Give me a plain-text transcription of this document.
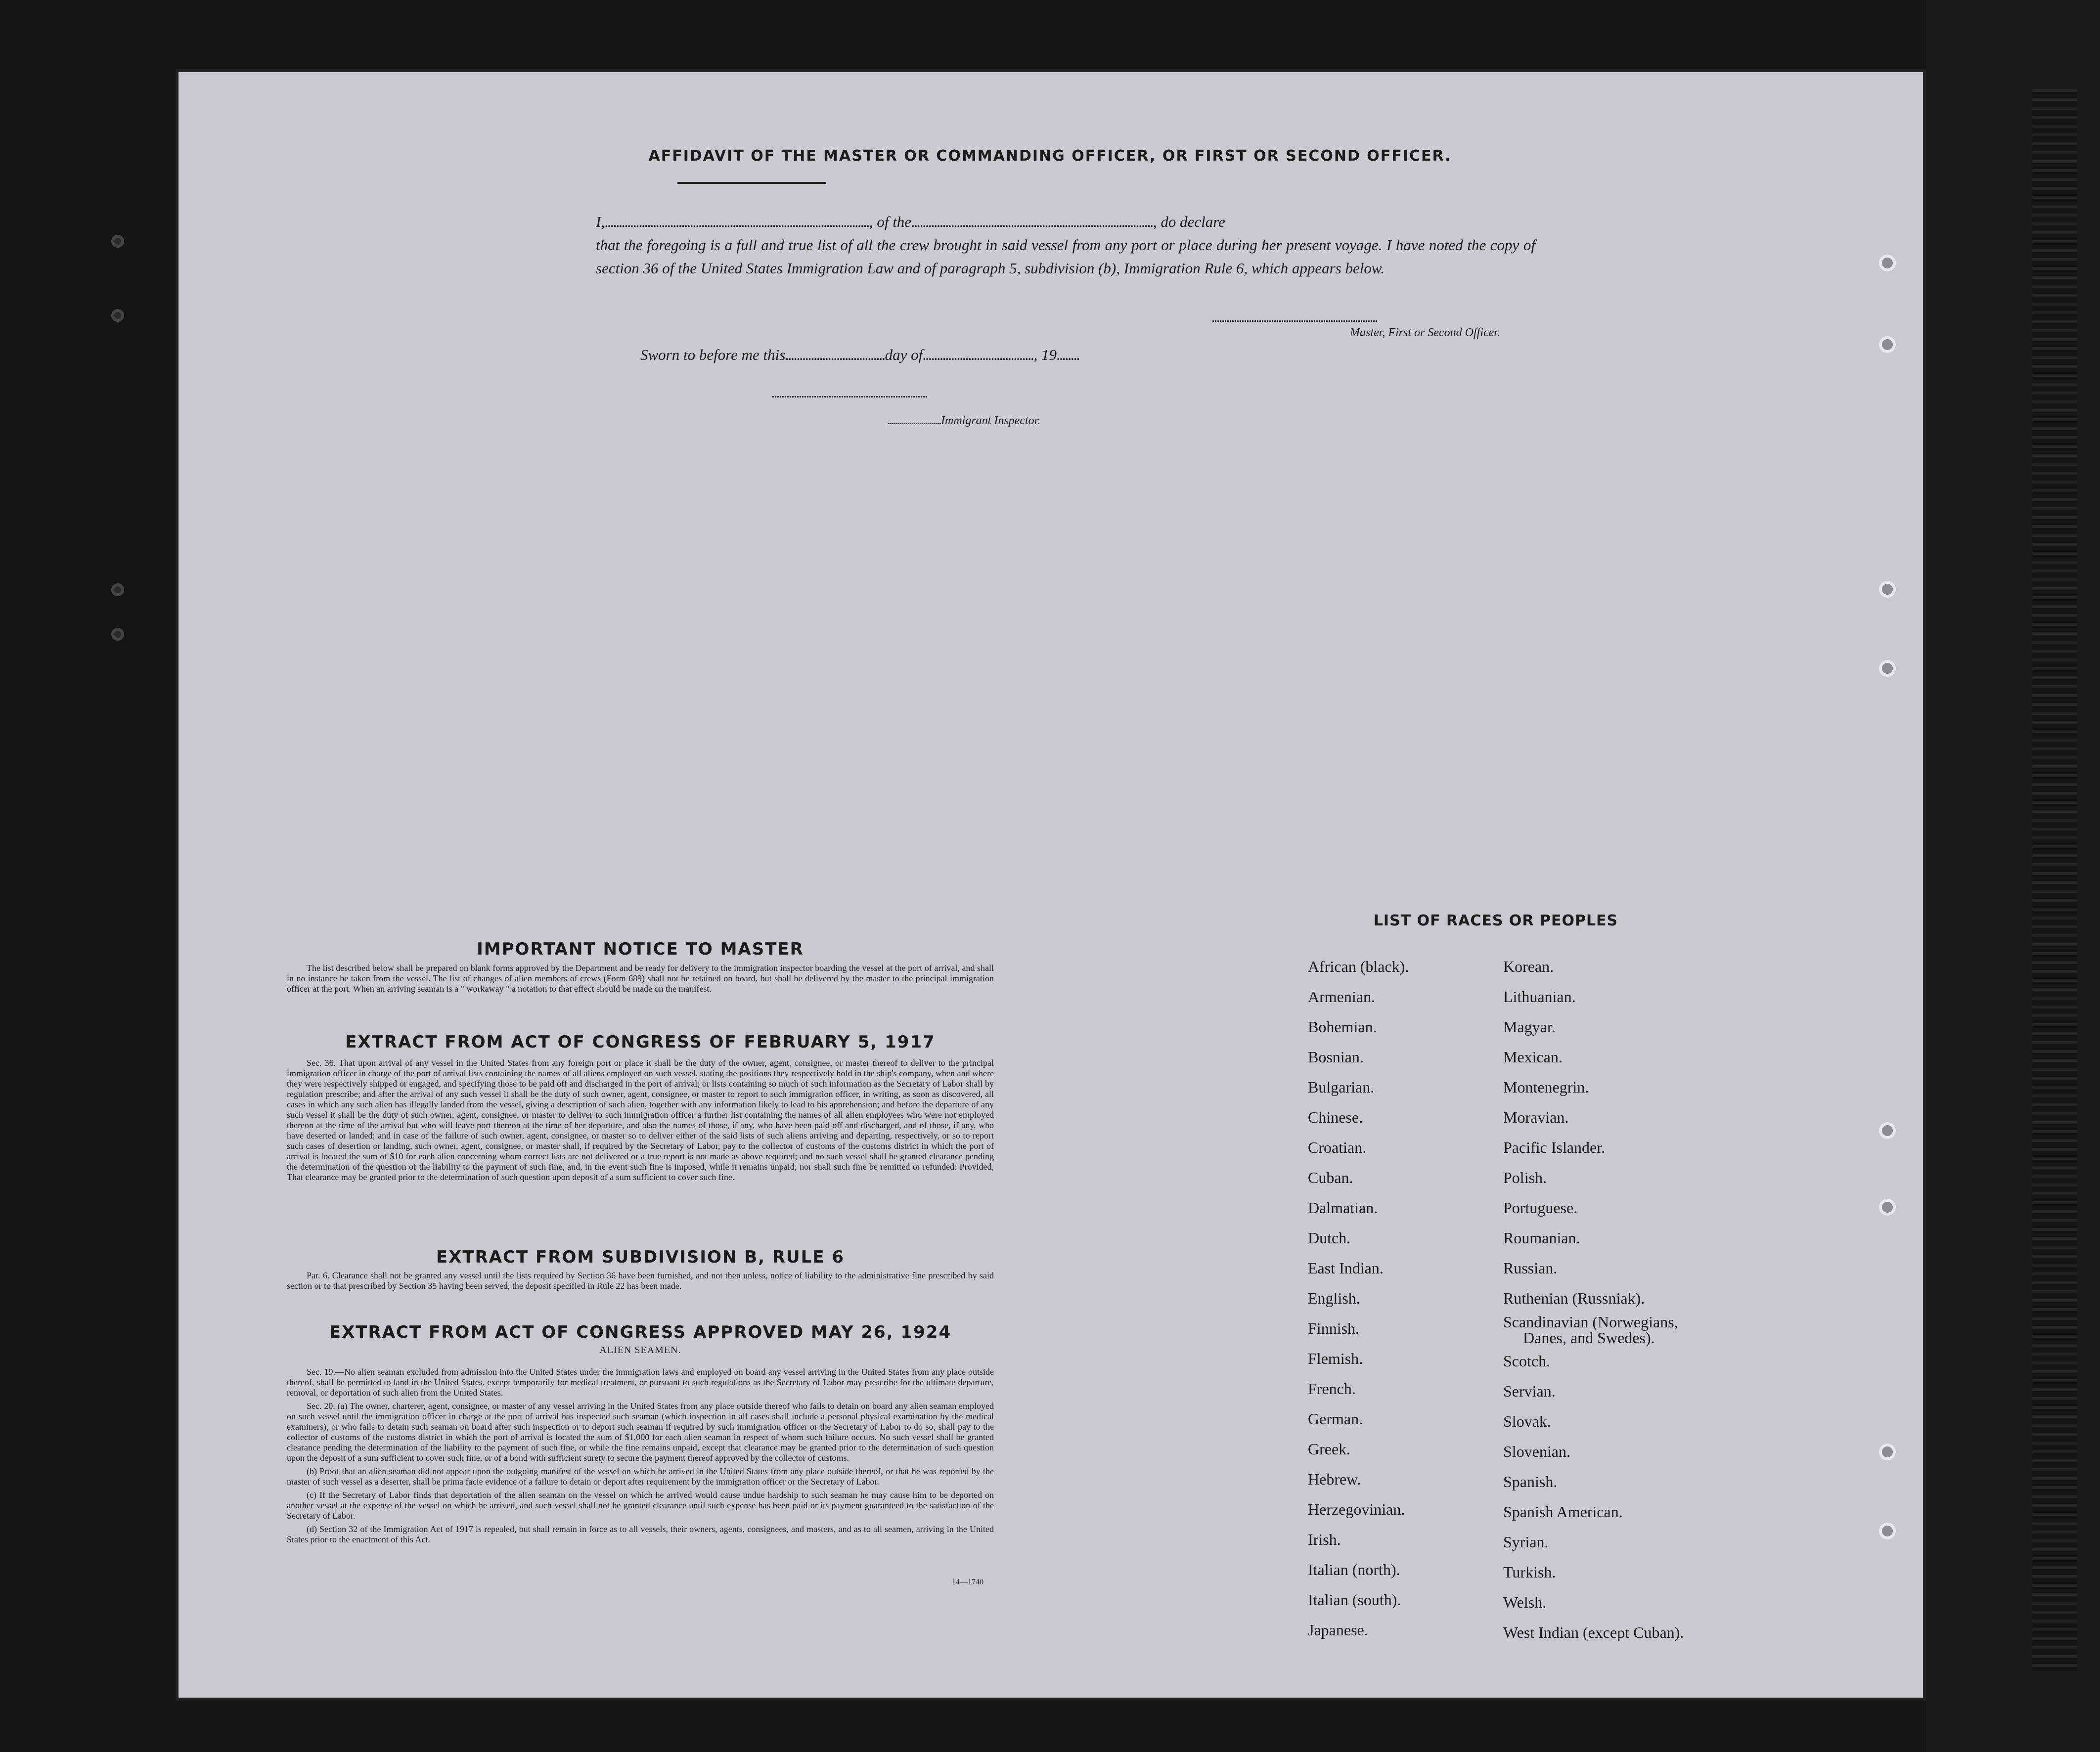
AFFIDAVIT OF THE MASTER OR COMMANDING OFFICER, OR FIRST OR SECOND OFFICER.

I,............................................................................................., of the....................................................................................., do declare

that the foregoing is a full and true list of all the crew brought in said vessel from any port or place during her present voyage. I have noted the copy of section 36 of the United States Immigration Law and of paragraph 5, subdivision (b), Immigration Rule 6, which appears below.

...................................................................
Master, First or Second Officer.
Sworn to before me this...................................day of......................................., 19........
...............................................................
...........................Immigrant Inspector.
IMPORTANT NOTICE TO MASTER

The list described below shall be prepared on blank forms approved by the Department and be ready for delivery to the immigration inspector boarding the vessel at the port of arrival, and shall in no instance be taken from the vessel. The list of changes of alien members of crews (Form 689) shall not be retained on board, but shall be delivered by the master to the principal immigration officer at the port. When an arriving seaman is a " workaway " a notation to that effect should be made on the manifest.

EXTRACT FROM ACT OF CONGRESS OF FEBRUARY 5, 1917

Sec. 36. That upon arrival of any vessel in the United States from any foreign port or place it shall be the duty of the owner, agent, consignee, or master thereof to deliver to the principal immigration officer in charge of the port of arrival lists containing the names of all aliens employed on such vessel, stating the positions they respectively hold in the ship's company, when and where they were respectively shipped or engaged, and specifying those to be paid off and discharged in the port of arrival; or lists containing so much of such information as the Secretary of Labor shall by regulation prescribe; and after the arrival of any such vessel it shall be the duty of such owner, agent, consignee, or master to report to such immigration officer, in writing, as soon as discovered, all cases in which any such alien has illegally landed from the vessel, giving a description of such alien, together with any information likely to lead to his apprehension; and before the departure of any such vessel it shall be the duty of such owner, agent, consignee, or master to deliver to such immigration officer a further list containing the names of all alien employees who were not employed thereon at the time of the arrival but who will leave port thereon at the time of her departure, and also the names of those, if any, who have been paid off and discharged, and of those, if any, who have deserted or landed; and in case of the failure of such owner, agent, consignee, or master so to deliver either of the said lists of such aliens arriving and departing, respectively, or so to report such cases of desertion or landing, such owner, agent, consignee, or master shall, if required by the Secretary of Labor, pay to the collector of customs of the customs district in which the port of arrival is located the sum of $10 for each alien concerning whom correct lists are not delivered or a true report is not made as above required; and no such vessel shall be granted clearance pending the determination of the question of the liability to the payment of such fine, and, in the event such fine is imposed, while it remains unpaid; nor shall such fine be remitted or refunded: Provided, That clearance may be granted prior to the determination of such question upon deposit of a sum sufficient to cover such fine.

EXTRACT FROM SUBDIVISION B, RULE 6

Par. 6. Clearance shall not be granted any vessel until the lists required by Section 36 have been furnished, and not then unless, notice of liability to the administrative fine prescribed by said section or to that prescribed by Section 35 having been served, the deposit specified in Rule 22 has been made.

EXTRACT FROM ACT OF CONGRESS APPROVED MAY 26, 1924
ALIEN SEAMEN.

Sec. 19.—No alien seaman excluded from admission into the United States under the immigration laws and employed on board any vessel arriving in the United States from any place outside thereof, shall be permitted to land in the United States, except temporarily for medical treatment, or pursuant to such regulations as the Secretary of Labor may prescribe for the ultimate departure, removal, or deportation of such alien from the United States.

Sec. 20. (a) The owner, charterer, agent, consignee, or master of any vessel arriving in the United States from any place outside thereof who fails to detain on board any alien seaman employed on such vessel until the immigration officer in charge at the port of arrival has inspected such seaman (which inspection in all cases shall include a personal physical examination by the medical examiners), or who fails to detain such seaman on board after such inspection or to deport such seaman if required by such immigration officer or the Secretary of Labor to do so, shall pay to the collector of customs of the customs district in which the port of arrival is located the sum of $1,000 for each alien seaman in respect of whom such failure occurs. No such vessel shall be granted clearance pending the determination of the liability to the payment of such fine, or while the fine remains unpaid, except that clearance may be granted prior to the determination of such question upon the deposit of a sum sufficient to cover such fine, or of a bond with sufficient surety to secure the payment thereof approved by the collector of customs.

(b) Proof that an alien seaman did not appear upon the outgoing manifest of the vessel on which he arrived in the United States from any place outside thereof, or that he was reported by the master of such vessel as a deserter, shall be prima facie evidence of a failure to detain or deport after requirement by the immigration officer or the Secretary of Labor.

(c) If the Secretary of Labor finds that deportation of the alien seaman on the vessel on which he arrived would cause undue hardship to such seaman he may cause him to be deported on another vessel at the expense of the vessel on which he arrived, and such vessel shall not be granted clearance until such expense has been paid or its payment guaranteed to the satisfaction of the Secretary of Labor.

(d) Section 32 of the Immigration Act of 1917 is repealed, but shall remain in force as to all vessels, their owners, agents, consignees, and masters, and as to all seamen, arriving in the United States prior to the enactment of this Act.

14—1740
LIST OF RACES OR PEOPLES
African (black).
Armenian.
Bohemian.
Bosnian.
Bulgarian.
Chinese.
Croatian.
Cuban.
Dalmatian.
Dutch.
East Indian.
English.
Finnish.
Flemish.
French.
German.
Greek.
Hebrew.
Herzegovinian.
Irish.
Italian (north).
Italian (south).
Japanese.
Korean.
Lithuanian.
Magyar.
Mexican.
Montenegrin.
Moravian.
Pacific Islander.
Polish.
Portuguese.
Roumanian.
Russian.
Ruthenian (Russniak).
Scandinavian (Norwegians,
Danes, and Swedes).
Scotch.
Servian.
Slovak.
Slovenian.
Spanish.
Spanish American.
Syrian.
Turkish.
Welsh.
West Indian (except Cuban).
